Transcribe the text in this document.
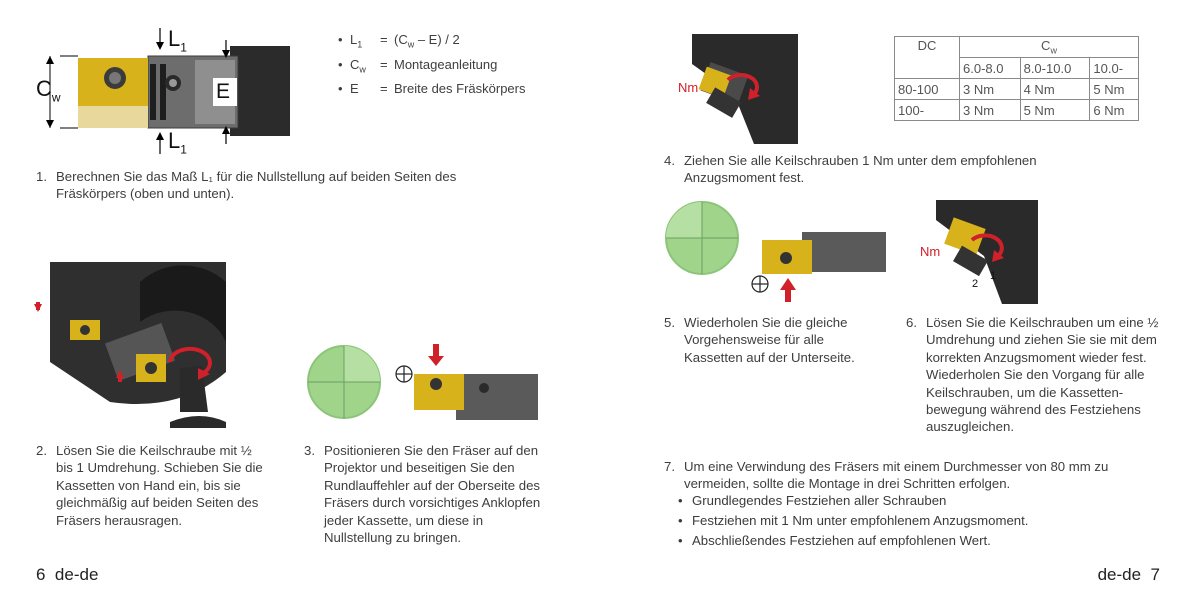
$L_1$
$L_1$
$C_w$	E
• $L_1$	= $(C_w - E) / 2$
• $C_w$	= Montageanleitung
• E	= Breite des Fräskörpers
1. Berechnen Sie das Maß L₁ für die Nullstellung auf beiden Seiten des Fräskörpers (oben und unten).
2. Lösen Sie die Keilschraube mit ½ bis 1 Umdrehung. Schieben Sie die Kassetten von Hand ein, bis sie gleichmäßig auf beiden Seiten des Fräsers herausragen.
3. Positionieren Sie den Fräser auf den Projektor und beseitigen Sie den Rundlauffehler auf der Oberseite des Fräsers durch vorsichtiges Anklopfen jeder Kassette, um diese in Nullstellung zu bringen.
6 de-de
Nm
DC	$C_w$
	6.0-8.0	8.0-10.0	10.0-
80-100	3 Nm	4 Nm	5 Nm
100-	3 Nm	5 Nm	6 Nm
4. Ziehen Sie alle Keilschrauben 1 Nm unter dem empfohlenen Anzugsmoment fest.
Nm
1
2
5. Wiederholen Sie die gleiche Vorgehensweise für alle Kassetten auf der Unterseite.
6. Lösen Sie die Keilschrauben um eine ½ Umdrehung und ziehen Sie sie mit dem korrekten Anzugsmoment wieder fest. Wiederholen Sie den Vorgang für alle Keilschrauben, um die Kassetten-bewegung während des Festziehens auszugleichen.
7. Um eine Verwindung des Fräsers mit einem Durchmesser von 80 mm zu vermeiden, sollte die Montage in drei Schritten erfolgen.
• Grundlegendes Festziehen aller Schrauben
• Festziehen mit 1 Nm unter empfohlenem Anzugsmoment.
• Abschließendes Festziehen auf empfohlenen Wert.
de-de 7
